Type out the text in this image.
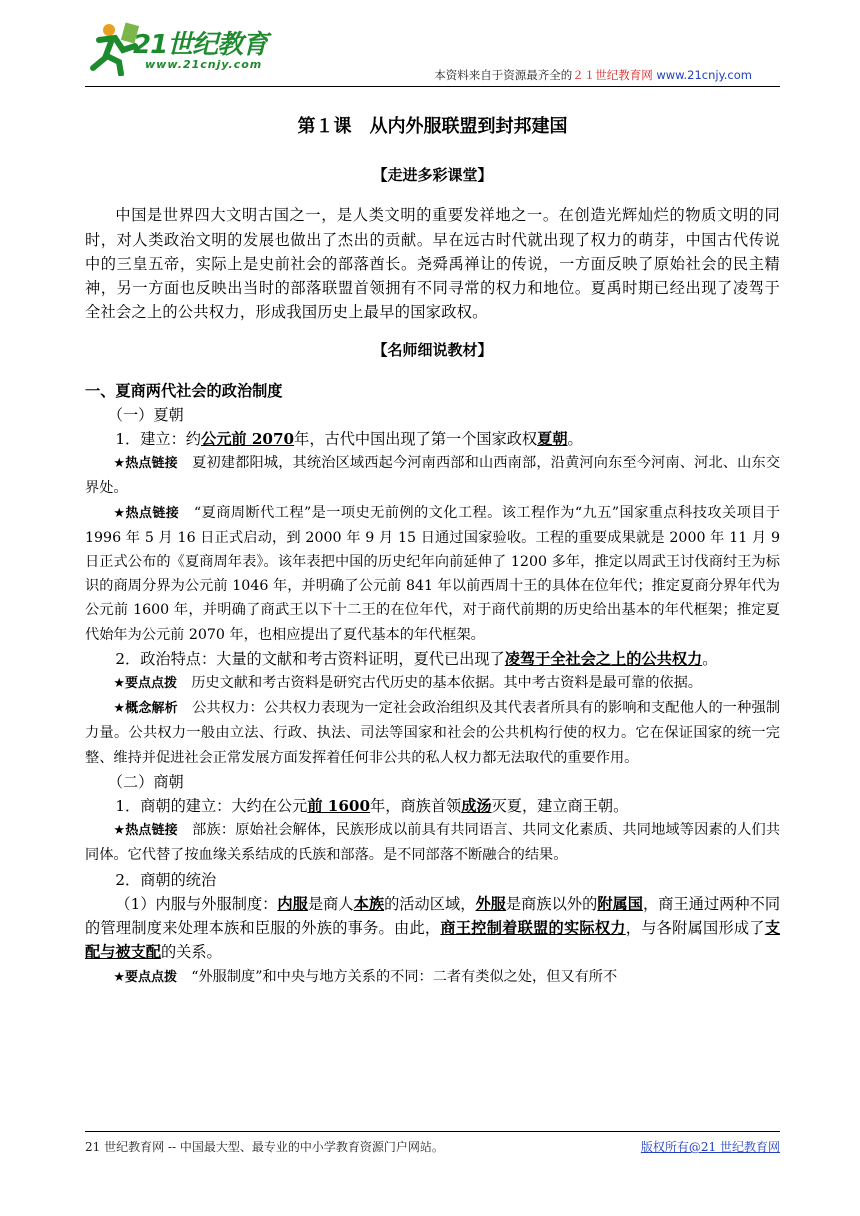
21世纪教育
www.21cnjy.com
本资料来自于资源最齐全的２１世纪教育网 www.21cnjy.com
第１课　从内外服联盟到封邦建国
【走进多彩课堂】

中国是世界四大文明古国之一，是人类文明的重要发祥地之一。在创造光辉灿烂的物质文明的同时，对人类政治文明的发展也做出了杰出的贡献。早在远古时代就出现了权力的萌芽，中国古代传说中的三皇五帝，实际上是史前社会的部落酋长。尧舜禹禅让的传说，一方面反映了原始社会的民主精神，另一方面也反映出当时的部落联盟首领拥有不同寻常的权力和地位。夏禹时期已经出现了凌驾于全社会之上的公共权力，形成我国历史上最早的国家政权。

【名师细说教材】
一、夏商两代社会的政治制度

（一）夏朝

1．建立：约公元前 2070年，古代中国出现了第一个国家政权夏朝。

★热点链接　夏初建都阳城，其统治区域西起今河南西部和山西南部，沿黄河向东至今河南、河北、山东交界处。

★热点链接　“夏商周断代工程”是一项史无前例的文化工程。该工程作为“九五”国家重点科技攻关项目于 1996 年 5 月 16 日正式启动，到 2000 年 9 月 15 日通过国家验收。工程的重要成果就是 2000 年 11 月 9 日正式公布的《夏商周年表》。该年表把中国的历史纪年向前延伸了 1200 多年，推定以周武王讨伐商纣王为标识的商周分界为公元前 1046 年，并明确了公元前 841 年以前西周十王的具体在位年代；推定夏商分界年代为公元前 1600 年，并明确了商武王以下十二王的在位年代，对于商代前期的历史给出基本的年代框架；推定夏代始年为公元前 2070 年，也相应提出了夏代基本的年代框架。

2．政治特点：大量的文献和考古资料证明，夏代已出现了凌驾于全社会之上的公共权力。

★要点点拨　历史文献和考古资料是研究古代历史的基本依据。其中考古资料是最可靠的依据。

★概念解析　公共权力：公共权力表现为一定社会政治组织及其代表者所具有的影响和支配他人的一种强制力量。公共权力一般由立法、行政、执法、司法等国家和社会的公共机构行使的权力。它在保证国家的统一完整、维持并促进社会正常发展方面发挥着任何非公共的私人权力都无法取代的重要作用。

（二）商朝

1．商朝的建立：大约在公元前 1600年，商族首领成汤灭夏，建立商王朝。

★热点链接　部族：原始社会解体，民族形成以前具有共同语言、共同文化素质、共同地域等因素的人们共同体。它代替了按血缘关系结成的氏族和部落。是不同部落不断融合的结果。

2．商朝的统治

（1）内服与外服制度：内服是商人本族的活动区域，外服是商族以外的附属国，商王通过两种不同的管理制度来处理本族和臣服的外族的事务。由此，商王控制着联盟的实际权力，与各附属国形成了支配与被支配的关系。

★要点点拨　“外服制度”和中央与地方关系的不同：二者有类似之处，但又有所不

21 世纪教育网 -- 中国最大型、最专业的中小学教育资源门户网站。	版权所有@21 世纪教育网
